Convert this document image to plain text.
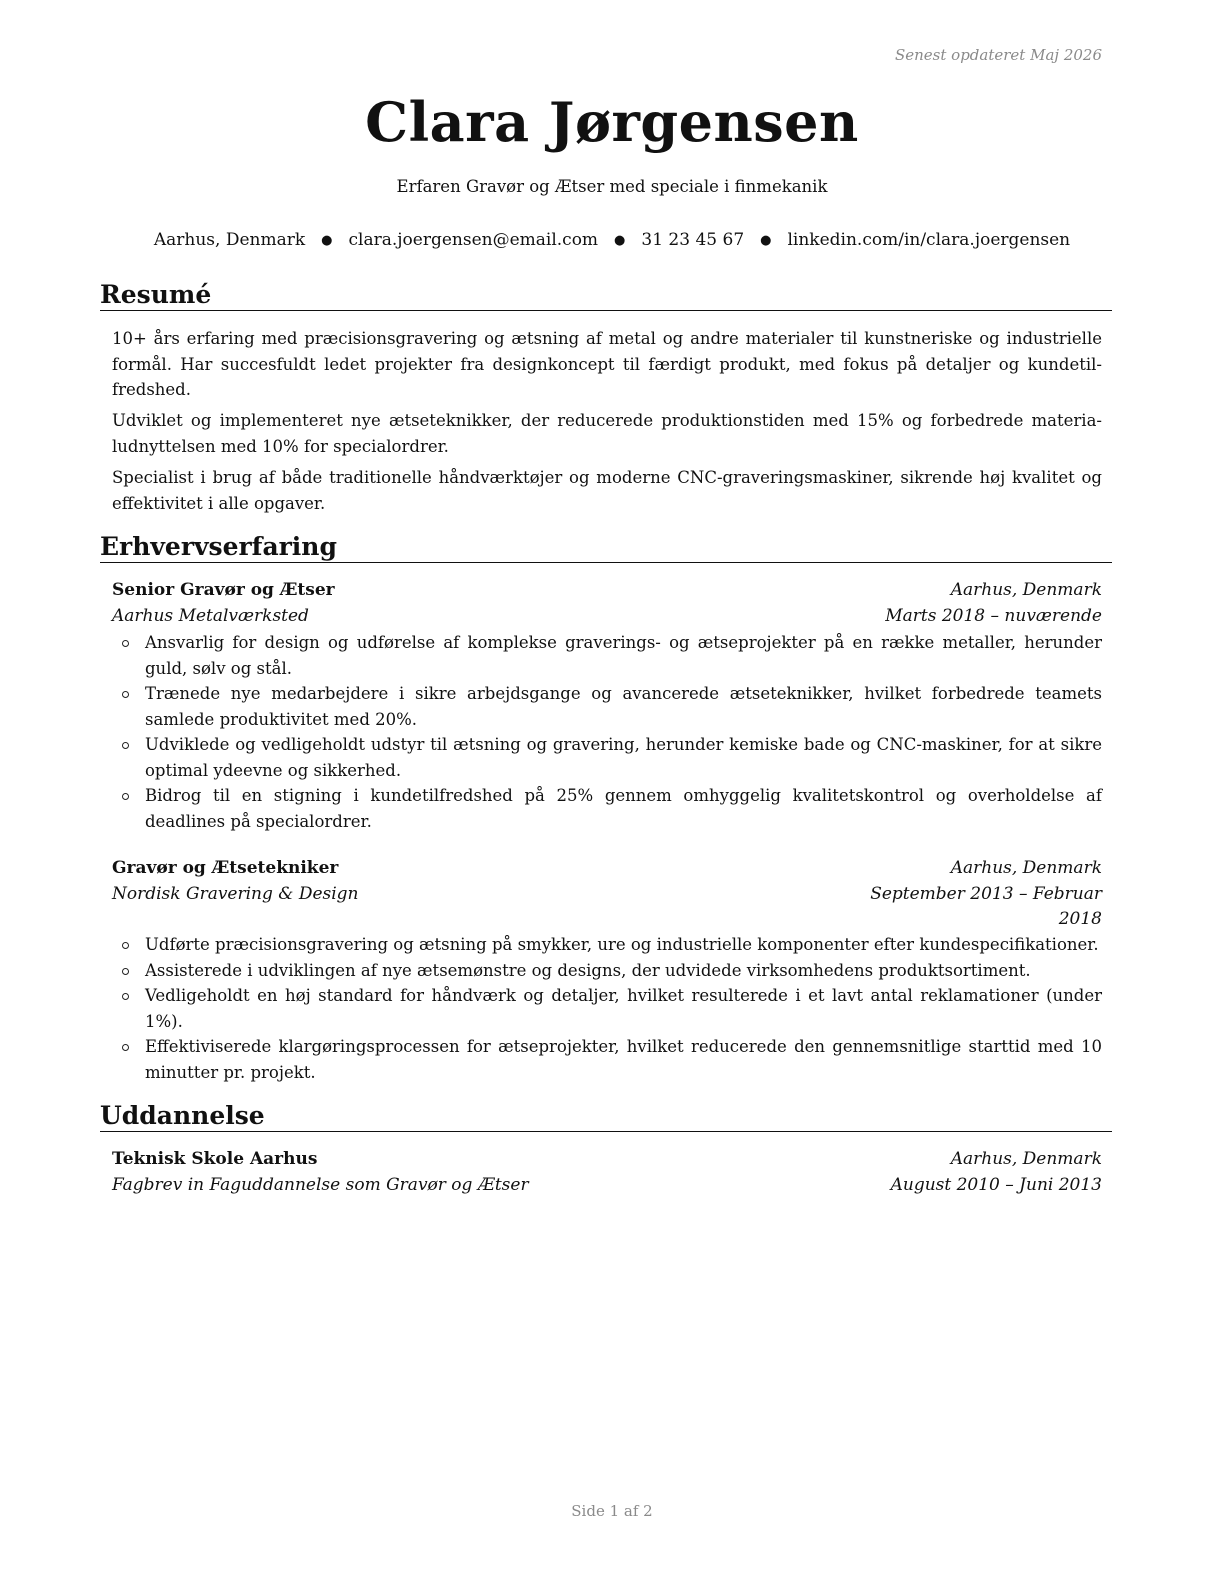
Senest opdateret Maj 2026
Clara Jørgensen
Erfaren Gravør og Ætser med speciale i finmekanik
Aarhus, Denmark ● clara.joergensen@email.com ● 31 23 45 67 ● linkedin.com/in/clara.joergensen
Resumé
10+ års erfaring med præcisionsgravering og ætsning af metal og andre materialer til kunstneriske og industrielle formål. Har succesfuldt ledet projekter fra designkoncept til færdigt produkt, med fokus på detaljer og kundetilfredshed.
Udviklet og implementeret nye ætseteknikker, der reducerede produktionstiden med 15% og forbedrede materialudnyttelsen med 10% for specialordrer.
Specialist i brug af både traditionelle håndværktøjer og moderne CNC-graveringsmaskiner, sikrende høj kvalitet og effektivitet i alle opgaver.
Erhvervserfaring
Senior Gravør og Ætser	Aarhus, Denmark
Aarhus Metalværksted	Marts 2018 – nuværende
Ansvarlig for design og udførelse af komplekse graverings- og ætseprojekter på en række metaller, herunder guld, sølv og stål.
Trænede nye medarbejdere i sikre arbejdsgange og avancerede ætseteknikker, hvilket forbedrede teamets samlede produktivitet med 20%.
Udviklede og vedligeholdt udstyr til ætsning og gravering, herunder kemiske bade og CNC-maskiner, for at sikre optimal ydeevne og sikkerhed.
Bidrog til en stigning i kundetilfredshed på 25% gennem omhyggelig kvalitetskontrol og overholdelse af deadlines på specialordrer.
Gravør og Ætsetekniker	Aarhus, Denmark
Nordisk Gravering & Design	September 2013 – Februar 2018
Udførte præcisionsgravering og ætsning på smykker, ure og industrielle komponenter efter kundespecifikationer.
Assisterede i udviklingen af nye ætsemønstre og designs, der udvidede virksomhedens produktsortiment.
Vedligeholdt en høj standard for håndværk og detaljer, hvilket resulterede i et lavt antal reklamationer (under 1%).
Effektiviserede klargøringsprocessen for ætseprojekter, hvilket reducerede den gennemsnitlige starttid med 10 minutter pr. projekt.
Uddannelse
Teknisk Skole Aarhus	Aarhus, Denmark
Fagbrev in Faguddannelse som Gravør og Ætser	August 2010 – Juni 2013
Side 1 af 2
